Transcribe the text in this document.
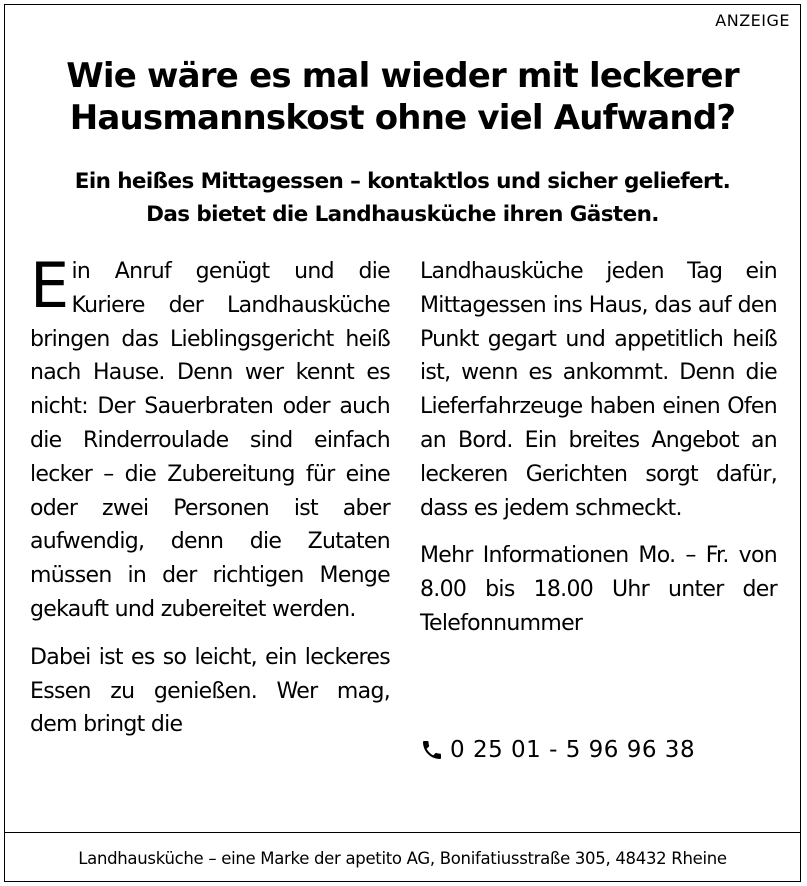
ANZEIGE
Wie wäre es mal wieder mit leckerer
Hausmannskost ohne viel Aufwand?
Ein heißes Mittagessen – kontaktlos und sicher geliefert.
Das bietet die Landhausküche ihren Gästen.

Ein Anruf genügt und die Kuriere der Landhausküche bringen das Lieblingsgericht heiß nach Hause. Denn wer kennt es nicht: Der Sauerbraten oder auch die Rinderroulade sind einfach lecker – die Zubereitung für eine oder zwei Personen ist aber aufwendig, denn die Zutaten müssen in der richtigen Menge gekauft und zubereitet werden.

Dabei ist es so leicht, ein leckeres Essen zu genießen. Wer mag, dem bringt die

Landhausküche jeden Tag ein Mittagessen ins Haus, das auf den Punkt gegart und appetitlich heiß ist, wenn es ankommt. Denn die Lieferfahrzeuge haben einen Ofen an Bord. Ein breites Angebot an leckeren Gerichten sorgt dafür, dass es jedem schmeckt.

Mehr Informationen Mo. – Fr. von 8.00 bis 18.00 Uhr unter der Telefonnummer

0 25 01 - 5 96 96 38
Landhausküche – eine Marke der apetito AG, Bonifatiusstraße 305, 48432 Rheine
